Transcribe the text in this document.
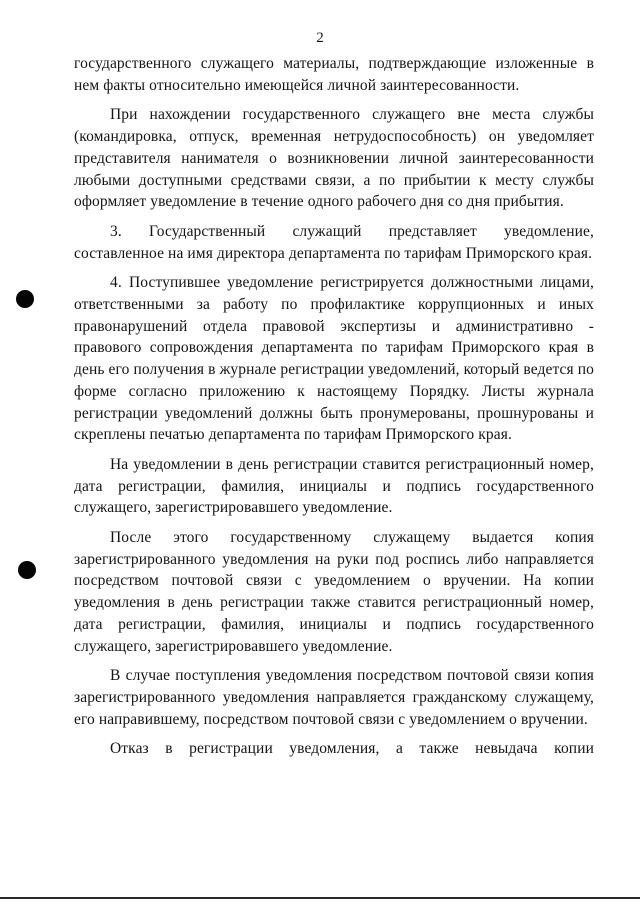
2

государственного служащего материалы, подтверждающие изложенные в нем факты относительно имеющейся личной заинтересованности.

При нахождении государственного служащего вне места службы (командировка, отпуск, временная нетрудоспособность) он уведомляет представителя нанимателя о возникновении личной заинтересованности любыми доступными средствами связи, а по прибытии к месту службы оформляет уведомление в течение одного рабочего дня со дня прибытия.

3. Государственный служащий представляет уведомление, составленное на имя директора департамента по тарифам Приморского края.

4. Поступившее уведомление регистрируется должностными лицами, ответственными за работу по профилактике коррупционных и иных правонарушений отдела правовой экспертизы и административно - правового сопровождения департамента по тарифам Приморского края в день его получения в журнале регистрации уведомлений, который ведется по форме согласно приложению к настоящему Порядку. Листы журнала регистрации уведомлений должны быть пронумерованы, прошнурованы и скреплены печатью департамента по тарифам Приморского края.

На уведомлении в день регистрации ставится регистрационный номер, дата регистрации, фамилия, инициалы и подпись государственного служащего, зарегистрировавшего уведомление.

После этого государственному служащему выдается копия зарегистрированного уведомления на руки под роспись либо направляется посредством почтовой связи с уведомлением о вручении. На копии уведомления в день регистрации также ставится регистрационный номер, дата регистрации, фамилия, инициалы и подпись государственного служащего, зарегистрировавшего уведомление.

В случае поступления уведомления посредством почтовой связи копия зарегистрированного уведомления направляется гражданскому служащему, его направившему, посредством почтовой связи с уведомлением о вручении.

Отказ в регистрации уведомления, а также невыдача копии
